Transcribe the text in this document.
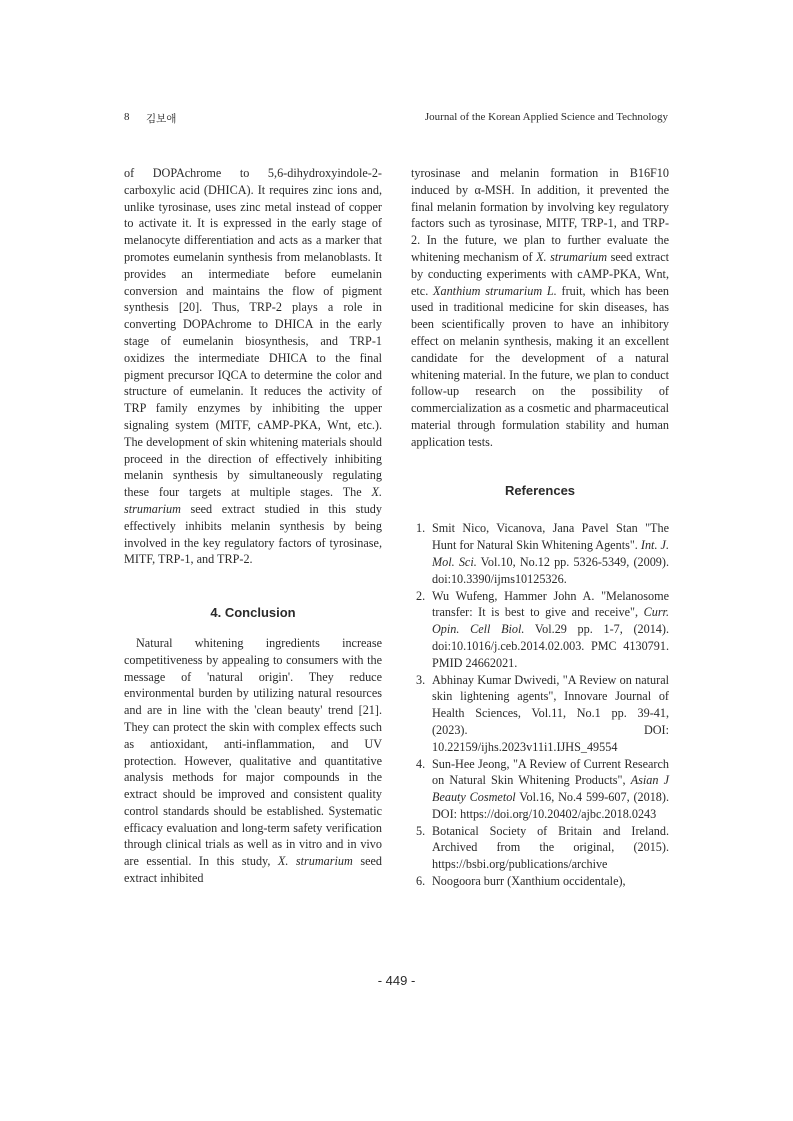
8 김보애	Journal of the Korean Applied Science and Technology

of DOPAchrome to 5,6-dihydroxyindole-2-carboxylic acid (DHICA). It requires zinc ions and, unlike tyrosinase, uses zinc metal instead of copper to activate it. It is expressed in the early stage of melanocyte differentiation and acts as a marker that promotes eumelanin synthesis from melanoblasts. It provides an intermediate before eumelanin conversion and maintains the flow of pigment synthesis [20]. Thus, TRP-2 plays a role in converting DOPAchrome to DHICA in the early stage of eumelanin biosynthesis, and TRP-1 oxidizes the intermediate DHICA to the final pigment precursor IQCA to determine the color and structure of eumelanin. It reduces the activity of TRP family enzymes by inhibiting the upper signaling system (MITF, cAMP-PKA, Wnt, etc.). The development of skin whitening materials should proceed in the direction of effectively inhibiting melanin synthesis by simultaneously regulating these four targets at multiple stages. The X. strumarium seed extract studied in this study effectively inhibits melanin synthesis by being involved in the key regulatory factors of tyrosinase, MITF, TRP-1, and TRP-2.

4. Conclusion

Natural whitening ingredients increase competitiveness by appealing to consumers with the message of 'natural origin'. They reduce environmental burden by utilizing natural resources and are in line with the 'clean beauty' trend [21]. They can protect the skin with complex effects such as antioxidant, anti-inflammation, and UV protection. However, qualitative and quantitative analysis methods for major compounds in the extract should be improved and consistent quality control standards should be established. Systematic efficacy evaluation and long-term safety verification through clinical trials as well as in vitro and in vivo are essential. In this study, X. strumarium seed extract inhibited

tyrosinase and melanin formation in B16F10 induced by α-MSH. In addition, it prevented the final melanin formation by involving key regulatory factors such as tyrosinase, MITF, TRP-1, and TRP-2. In the future, we plan to further evaluate the whitening mechanism of X. strumarium seed extract by conducting experiments with cAMP-PKA, Wnt, etc. Xanthium strumarium L. fruit, which has been used in traditional medicine for skin diseases, has been scientifically proven to have an inhibitory effect on melanin synthesis, making it an excellent candidate for the development of a natural whitening material. In the future, we plan to conduct follow-up research on the possibility of commercialization as a cosmetic and pharmaceutical material through formulation stability and human application tests.

References
1. Smit Nico, Vicanova, Jana Pavel Stan "The Hunt for Natural Skin Whitening Agents". Int. J. Mol. Sci. Vol.10, No.12 pp. 5326-5349, (2009). doi:10.3390/ijms10125326.
2. Wu Wufeng, Hammer John A. "Melanosome transfer: It is best to give and receive", Curr. Opin. Cell Biol. Vol.29 pp. 1-7, (2014). doi:10.1016/j.ceb.2014.02.003. PMC 4130791. PMID 24662021.
3. Abhinay Kumar Dwivedi, "A Review on natural skin lightening agents", Innovare Journal of Health Sciences, Vol.11, No.1 pp. 39-41, (2023). DOI: 10.22159/ijhs.2023v11i1.IJHS_49554
4. Sun-Hee Jeong, "A Review of Current Research on Natural Skin Whitening Products", Asian J Beauty Cosmetol Vol.16, No.4 599-607, (2018). DOI: https://doi.org/10.20402/ajbc.2018.0243
5. Botanical Society of Britain and Ireland. Archived from the original, (2015). https://bsbi.org/publications/archive
6. Noogoora burr (Xanthium occidentale),
- 449 -
